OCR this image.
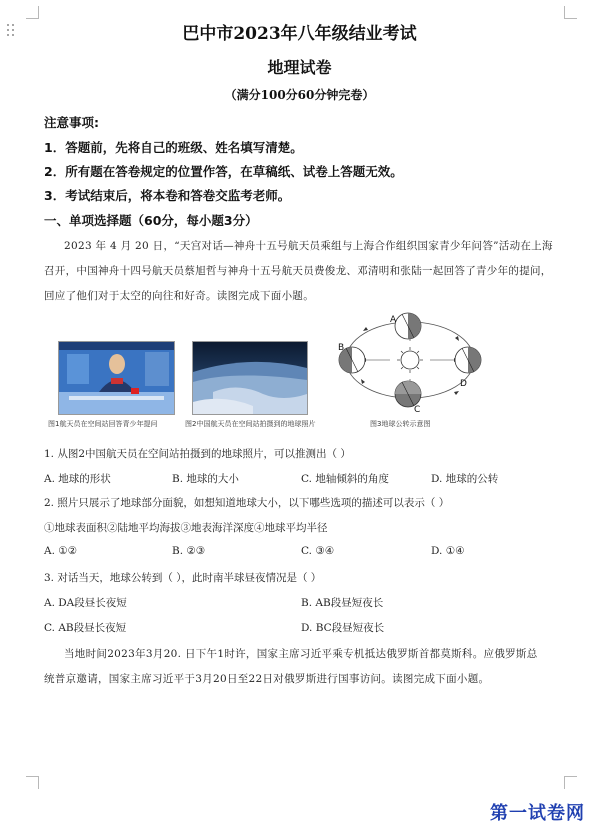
巴中市2023年八年级结业考试
地理试卷
（满分100分60分钟完卷）
注意事项:
1．答题前，先将自己的班级、姓名填写清楚。
2．所有题在答卷规定的位置作答，在草稿纸、试卷上答题无效。
3．考试结束后，将本卷和答卷交监考老师。
一、单项选择题（60分，每小题3分）
2023 年 4 月 20 日，“天宫对话—神舟十五号航天员乘组与上海合作组织国家青少年问答”活动在上海
召开，中国神舟十四号航天员蔡旭哲与神舟十五号航天员费俊龙、邓清明和张陆一起回答了青少年的提问，
回应了他们对于太空的向往和好奇。读图完成下面小题。
图1航天员在空间站回答青少年提问	图2中国航天员在空间站拍摄到的地球照片
A
B
C
D
图3地球公转示意图
1. 从图2中国航天员在空间站拍摄到的地球照片，可以推测出（ ）
A. 地球的形状	B. 地球的大小	C. 地轴倾斜的角度	D. 地球的公转
2. 照片只展示了地球部分面貌，如想知道地球大小，以下哪些选项的描述可以表示（ ）
①地球表面积②陆地平均海拔③地表海洋深度④地球平均半径
A. ①②	B. ②③	C. ③④	D. ①④
3. 对话当天，地球公转到（ ），此时南半球昼夜情况是（ ）
A. DA段昼长夜短	B. AB段昼短夜长
C. AB段昼长夜短	D. BC段昼短夜长
当地时间2023年3月20. 日下午1时许，国家主席习近平乘专机抵达俄罗斯首都莫斯科。应俄罗斯总
统普京邀请，国家主席习近平于3月20日至22日对俄罗斯进行国事访问。读图完成下面小题。
第一试卷网
